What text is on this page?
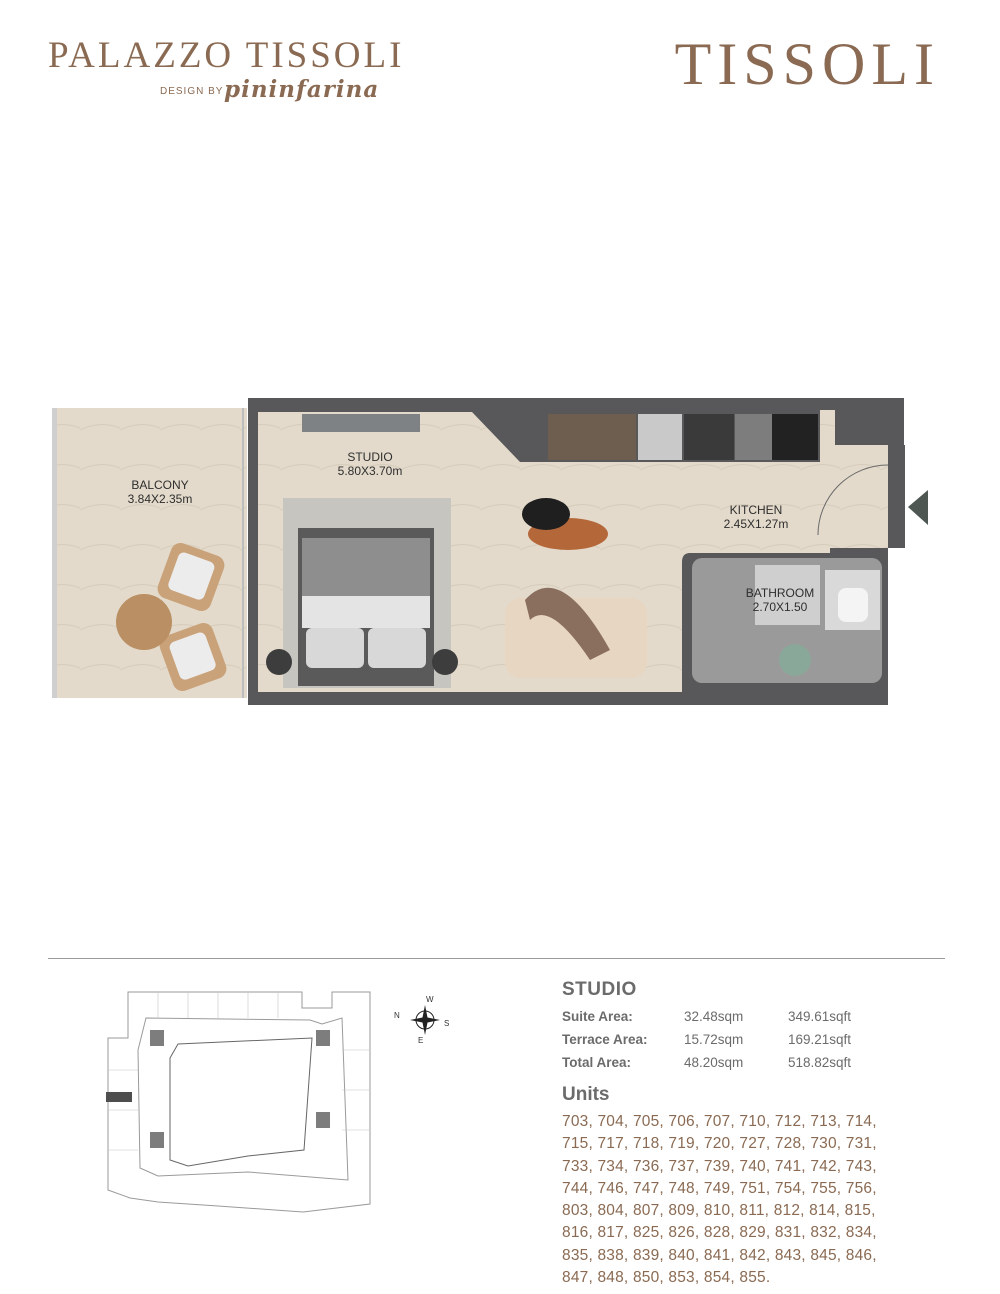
PALAZZO TISSOLI
DESIGN BY pininfarina	TISSOLI
BALCONY
3.84X2.35m
STUDIO
5.80X3.70m
KITCHEN
2.45X1.27m
BATHROOM
2.70X1.50
W
N
S
E
STUDIO
Suite Area:	32.48sqm	349.61sqft
Terrace Area:	15.72sqm	169.21sqft
Total Area:	48.20sqm	518.82sqft
Units
703, 704, 705, 706, 707, 710, 712, 713, 714,
715, 717, 718, 719, 720, 727, 728, 730, 731,
733, 734, 736, 737, 739, 740, 741, 742, 743,
744, 746, 747, 748, 749, 751, 754, 755, 756,
803, 804, 807, 809, 810, 811, 812, 814, 815,
816, 817, 825, 826, 828, 829, 831, 832, 834,
835, 838, 839, 840, 841, 842, 843, 845, 846,
847, 848, 850, 853, 854, 855.
